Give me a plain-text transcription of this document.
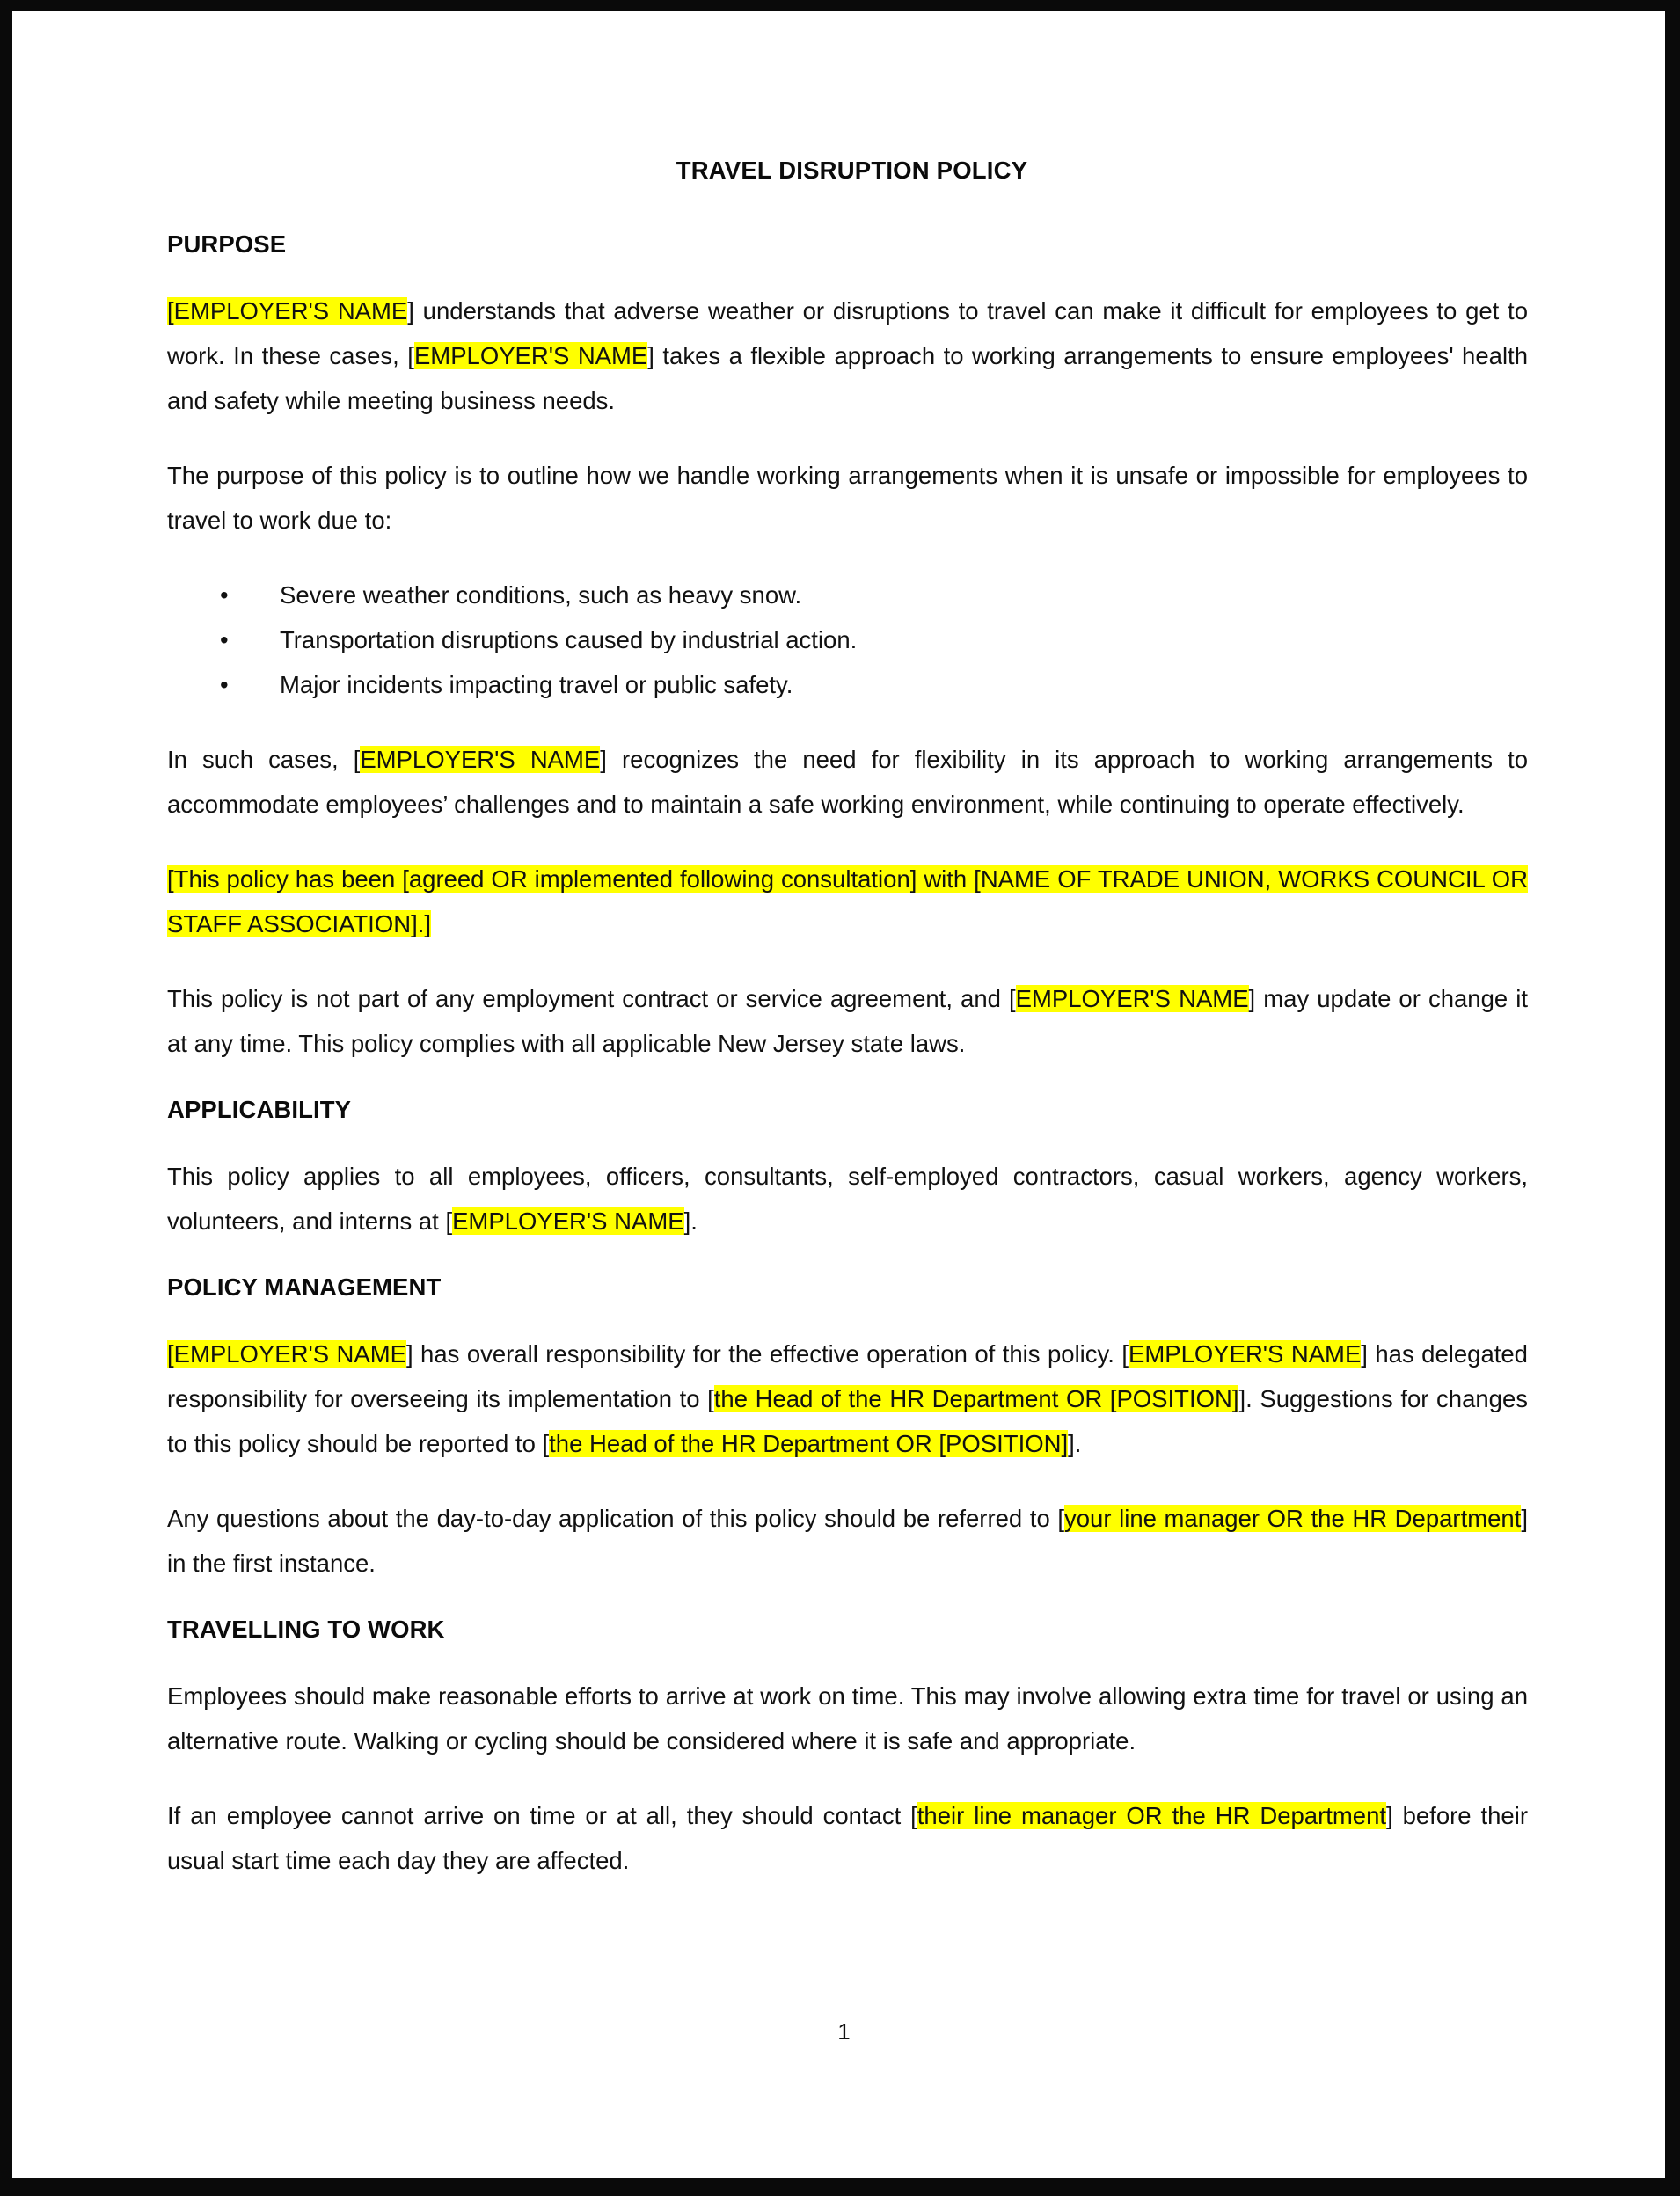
TRAVEL DISRUPTION POLICY
PURPOSE

[EMPLOYER'S NAME] understands that adverse weather or disruptions to travel can make it difficult for employees to get to work. In these cases, [EMPLOYER'S NAME] takes a flexible approach to working arrangements to ensure employees' health and safety while meeting business needs.

The purpose of this policy is to outline how we handle working arrangements when it is unsafe or impossible for employees to travel to work due to:

• Severe weather conditions, such as heavy snow.
• Transportation disruptions caused by industrial action.
• Major incidents impacting travel or public safety.

In such cases, [EMPLOYER'S NAME] recognizes the need for flexibility in its approach to working arrangements to accommodate employees’ challenges and to maintain a safe working environment, while continuing to operate effectively.

[This policy has been [agreed OR implemented following consultation] with [NAME OF TRADE UNION, WORKS COUNCIL OR STAFF ASSOCIATION].]

This policy is not part of any employment contract or service agreement, and [EMPLOYER'S NAME] may update or change it at any time. This policy complies with all applicable New Jersey state laws.

APPLICABILITY

This policy applies to all employees, officers, consultants, self-employed contractors, casual workers, agency workers, volunteers, and interns at [EMPLOYER'S NAME].

POLICY MANAGEMENT

[EMPLOYER'S NAME] has overall responsibility for the effective operation of this policy. [EMPLOYER'S NAME] has delegated responsibility for overseeing its implementation to [the Head of the HR Department OR [POSITION]]. Suggestions for changes to this policy should be reported to [the Head of the HR Department OR [POSITION]].

Any questions about the day-to-day application of this policy should be referred to [your line manager OR the HR Department] in the first instance.

TRAVELLING TO WORK

Employees should make reasonable efforts to arrive at work on time. This may involve allowing extra time for travel or using an alternative route. Walking or cycling should be considered where it is safe and appropriate.

If an employee cannot arrive on time or at all, they should contact [their line manager OR the HR Department] before their usual start time each day they are affected.

1
